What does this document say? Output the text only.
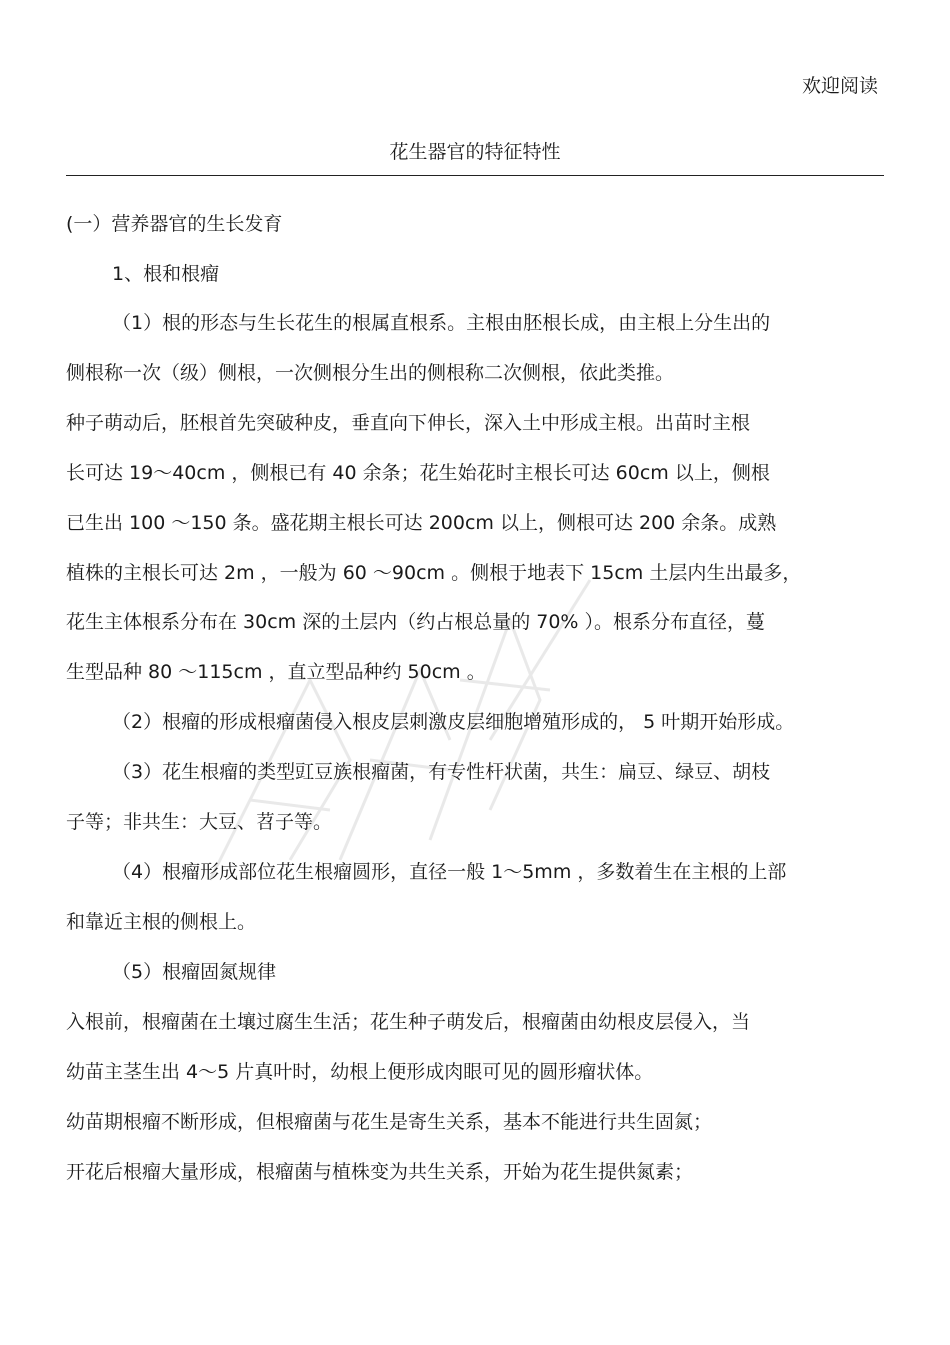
欢迎阅读
花生器官的特征特性
(一）营养器官的生长发育
1、根和根瘤
（1）根的形态与生长花生的根属直根系。主根由胚根长成，由主根上分生出的
侧根称一次（级）侧根，一次侧根分生出的侧根称二次侧根，依此类推。
种子萌动后，胚根首先突破种皮，垂直向下伸长，深入土中形成主根。出苗时主根
长可达 19～40cm ，侧根已有 40 余条；花生始花时主根长可达 60cm 以上，侧根
已生出 100 ～150 条。盛花期主根长可达 200cm 以上，侧根可达 200 余条。成熟
植株的主根长可达 2m ，一般为 60 ～90cm 。侧根于地表下 15cm 土层内生出最多，
花生主体根系分布在 30cm 深的土层内（约占根总量的 70% ）。根系分布直径，蔓
生型品种 80 ～115cm ，直立型品种约 50cm 。
（2）根瘤的形成根瘤菌侵入根皮层刺激皮层细胞增殖形成的， 5 叶期开始形成。
（3）花生根瘤的类型豇豆族根瘤菌，有专性杆状菌，共生：扁豆、绿豆、胡枝
子等；非共生：大豆、苕子等。
（4）根瘤形成部位花生根瘤圆形，直径一般 1～5mm ，多数着生在主根的上部
和靠近主根的侧根上。
（5）根瘤固氮规律
入根前，根瘤菌在土壤过腐生生活；花生种子萌发后，根瘤菌由幼根皮层侵入，当
幼苗主茎生出 4～5 片真叶时，幼根上便形成肉眼可见的圆形瘤状体。
幼苗期根瘤不断形成，但根瘤菌与花生是寄生关系，基本不能进行共生固氮；
开花后根瘤大量形成，根瘤菌与植株变为共生关系，开始为花生提供氮素；
